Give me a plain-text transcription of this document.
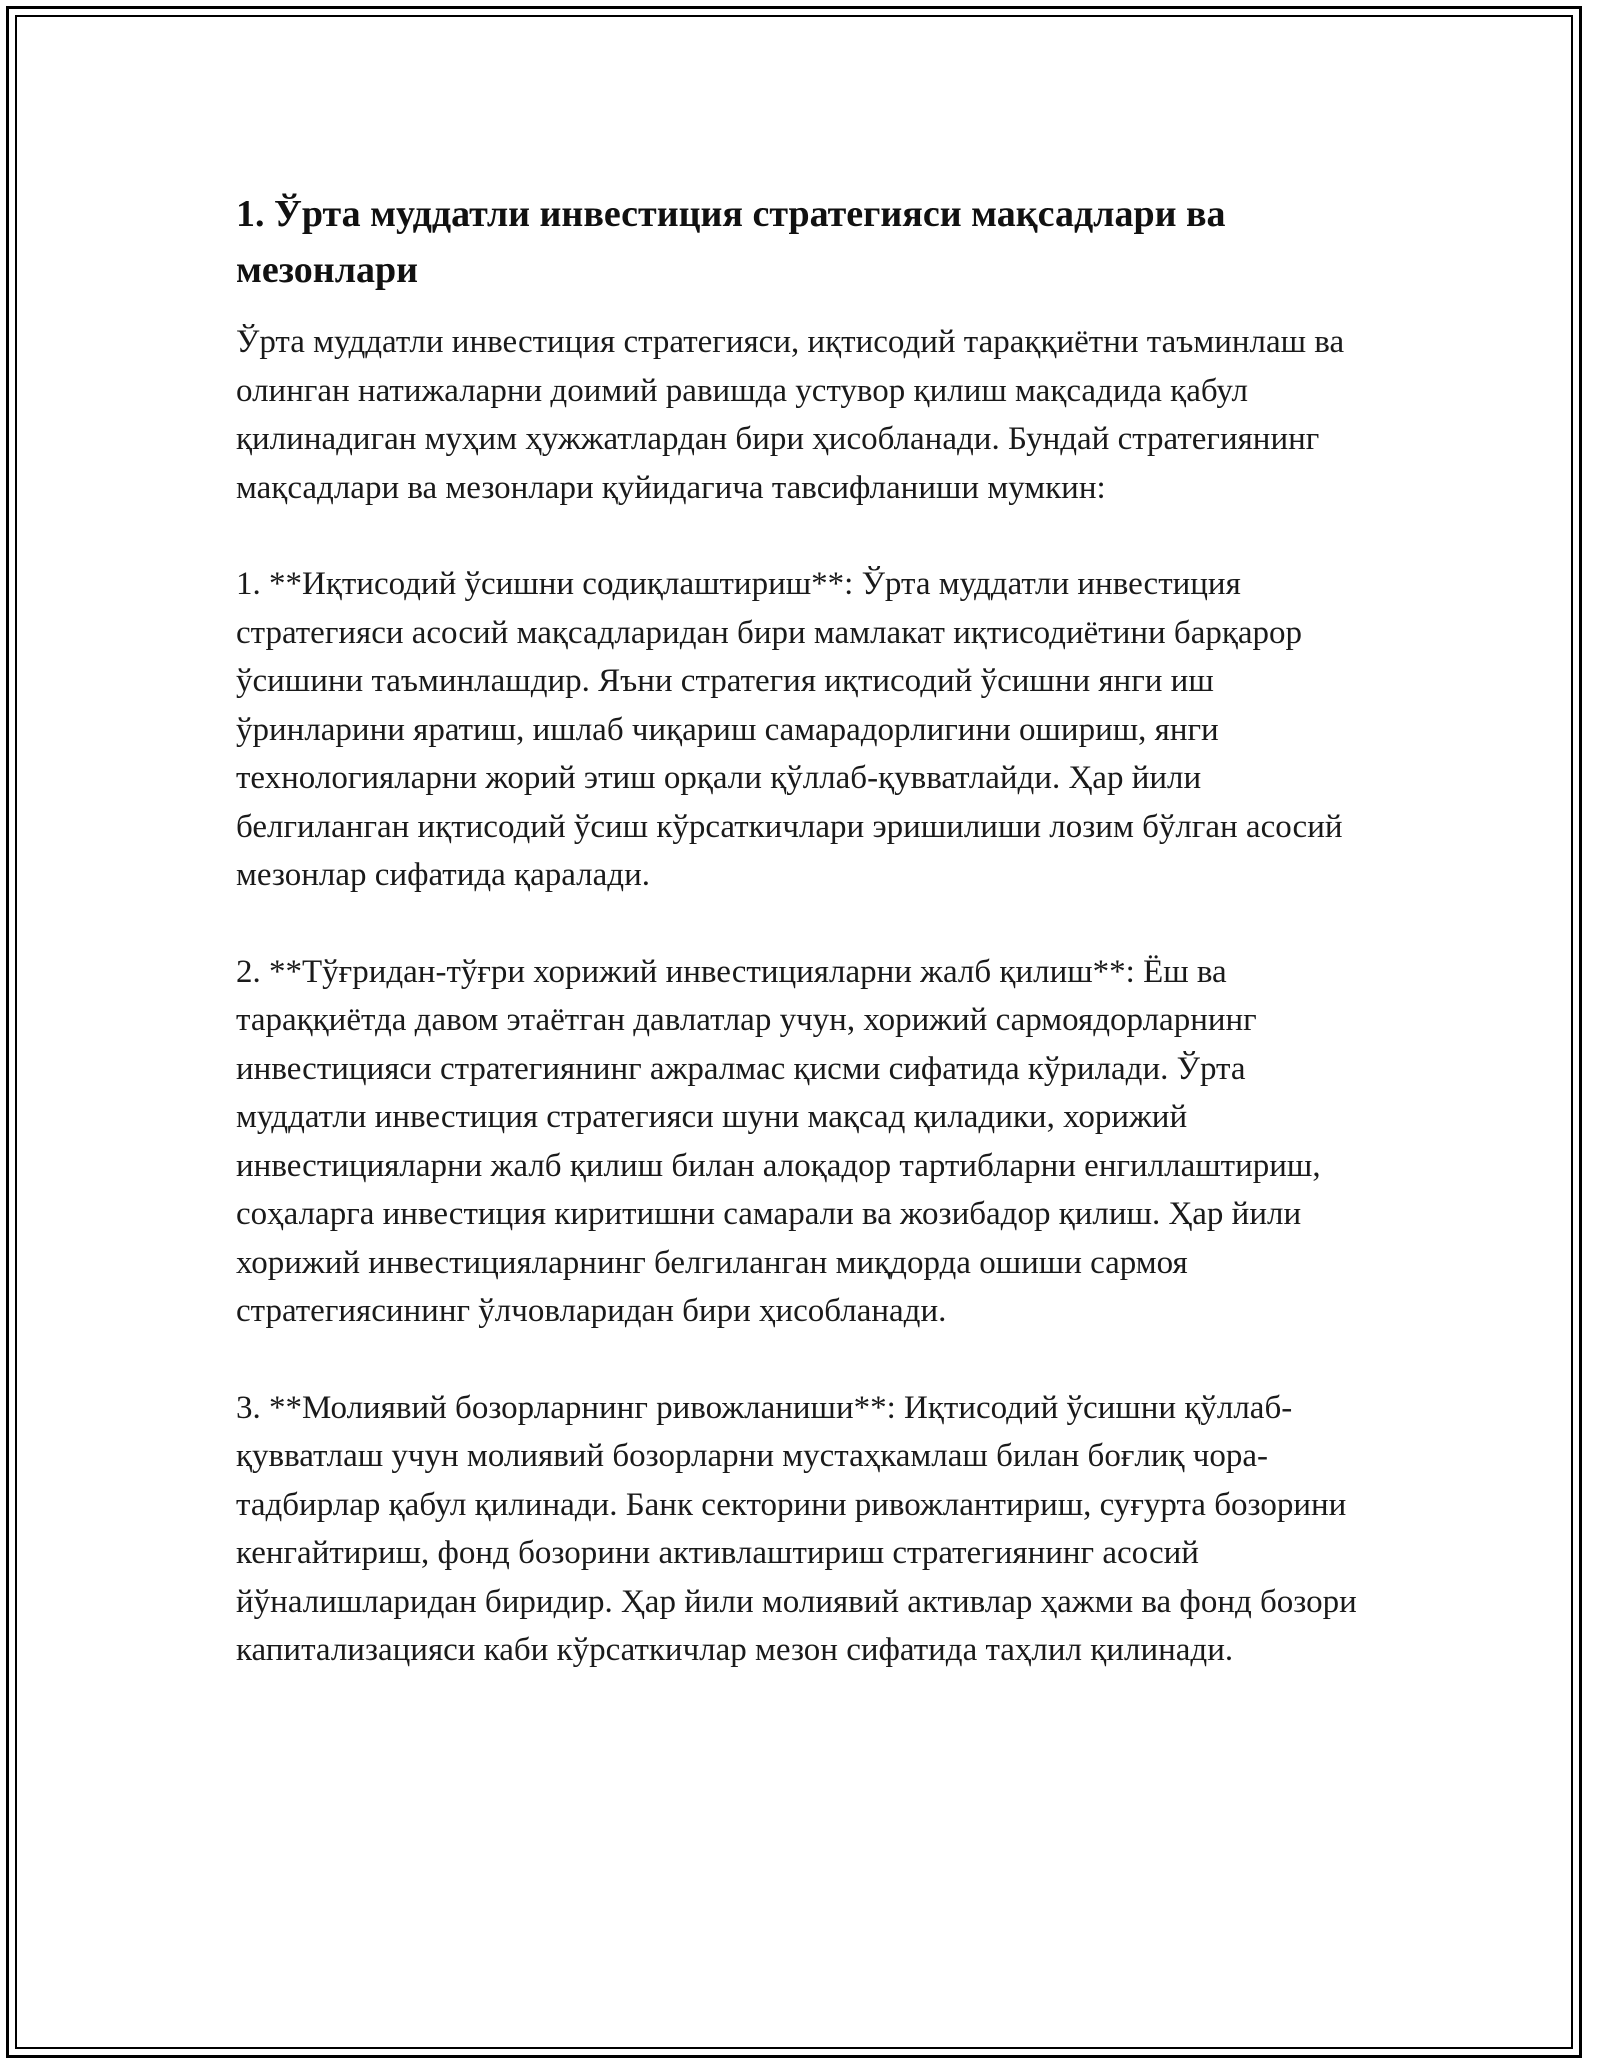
1. Ўрта муддатли инвестиция стратегияси мақсадлари ва мезонлари

Ўрта муддатли инвестиция стратегияси, иқтисодий тараққиётни таъминлаш ва олинган натижаларни доимий равишда устувор қилиш мақсадида қабул қилинадиган муҳим ҳужжатлардан бири ҳисобланади. Бундай стратегиянинг мақсадлари ва мезонлари қуйидагича тавсифланиши мумкин:

1. **Иқтисодий ўсишни содиқлаштириш**: Ўрта муддатли инвестиция стратегияси асосий мақсадларидан бири мамлакат иқтисодиётини барқарор ўсишини таъминлашдир. Яъни стратегия иқтисодий ўсишни янги иш ўринларини яратиш, ишлаб чиқариш самарадорлигини ошириш, янги технологияларни жорий этиш орқали қўллаб-қувватлайди. Ҳар йили белгиланган иқтисодий ўсиш кўрсаткичлари эришилиши лозим бўлган асосий мезонлар сифатида қаралади.

2. **Тўғридан-тўғри хорижий инвестицияларни жалб қилиш**: Ёш ва тараққиётда давом этаётган давлатлар учун, хорижий сармоядорларнинг инвестицияси стратегиянинг ажралмас қисми сифатида кўрилади. Ўрта муддатли инвестиция стратегияси шуни мақсад қиладики, хорижий инвестицияларни жалб қилиш билан алоқадор тартибларни енгиллаштириш, соҳаларга инвестиция киритишни самарали ва жозибадор қилиш. Ҳар йили хорижий инвестицияларнинг белгиланган миқдорда ошиши сармоя стратегиясининг ўлчовларидан бири ҳисобланади.

3. **Молиявий бозорларнинг ривожланиши**: Иқтисодий ўсишни қўллаб-қувватлаш учун молиявий бозорларни мустаҳкамлаш билан боғлиқ чора-тадбирлар қабул қилинади. Банк секторини ривожлантириш, суғурта бозорини кенгайтириш, фонд бозорини активлаштириш стратегиянинг асосий йўналишларидан биридир. Ҳар йили молиявий активлар ҳажми ва фонд бозори капитализацияси каби кўрсаткичлар мезон сифатида таҳлил қилинади.
